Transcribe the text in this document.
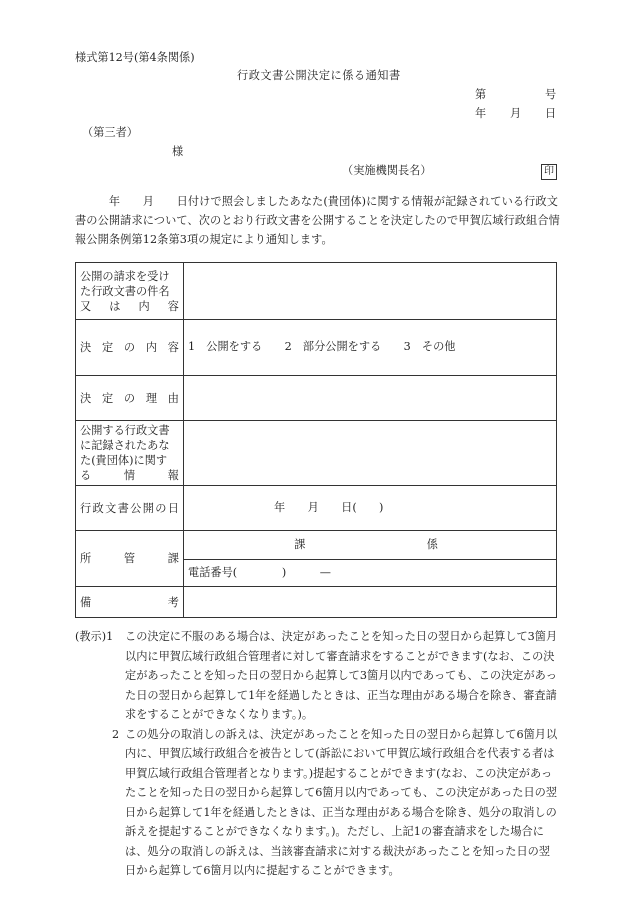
様式第12号(第4条関係)
行政文書公開決定に係る通知書
第	号
年 月 日
（第三者）
様
（実施機関長名）	印
　　　年　　月　　日付けで照会しましたあなた(貴団体)に関する情報が記録されている行政文書の公開請求について、次のとおり行政文書を公開することを決定したので甲賀広域行政組合情報公開条例第12条第3項の規定により通知します。
公開の請求を受け
た行政文書の件名
又　は　内　容		

決定の内容	1　公開をする　　2　部分公開をする　　3　その他	

決定の理由		

公開する行政文書
に記録されたあな
た(貴団体)に関す
る　　情　　報		

行政文書公開の日	年　　月　　日(　　)	

所管課	課	係
	電話番号(　　　　)　　　—	

備考		

(教示)1 この決定に不服のある場合は、決定があったことを知った日の翌日から起算して3箇月以内に甲賀広域行政組合管理者に対して審査請求をすることができます(なお、この決定があったことを知った日の翌日から起算して3箇月以内であっても、この決定があった日の翌日から起算して1年を経過したときは、正当な理由がある場合を除き、審査請求をすることができなくなります。)。
2 この処分の取消しの訴えは、決定があったことを知った日の翌日から起算して6箇月以内に、甲賀広域行政組合を被告として(訴訟において甲賀広域行政組合を代表する者は甲賀広域行政組合管理者となります。)提起することができます(なお、この決定があったことを知った日の翌日から起算して6箇月以内であっても、この決定があった日の翌日から起算して1年を経過したときは、正当な理由がある場合を除き、処分の取消しの訴えを提起することができなくなります。)。ただし、上記1の審査請求をした場合には、処分の取消しの訴えは、当該審査請求に対する裁決があったことを知った日の翌日から起算して6箇月以内に提起することができます。
